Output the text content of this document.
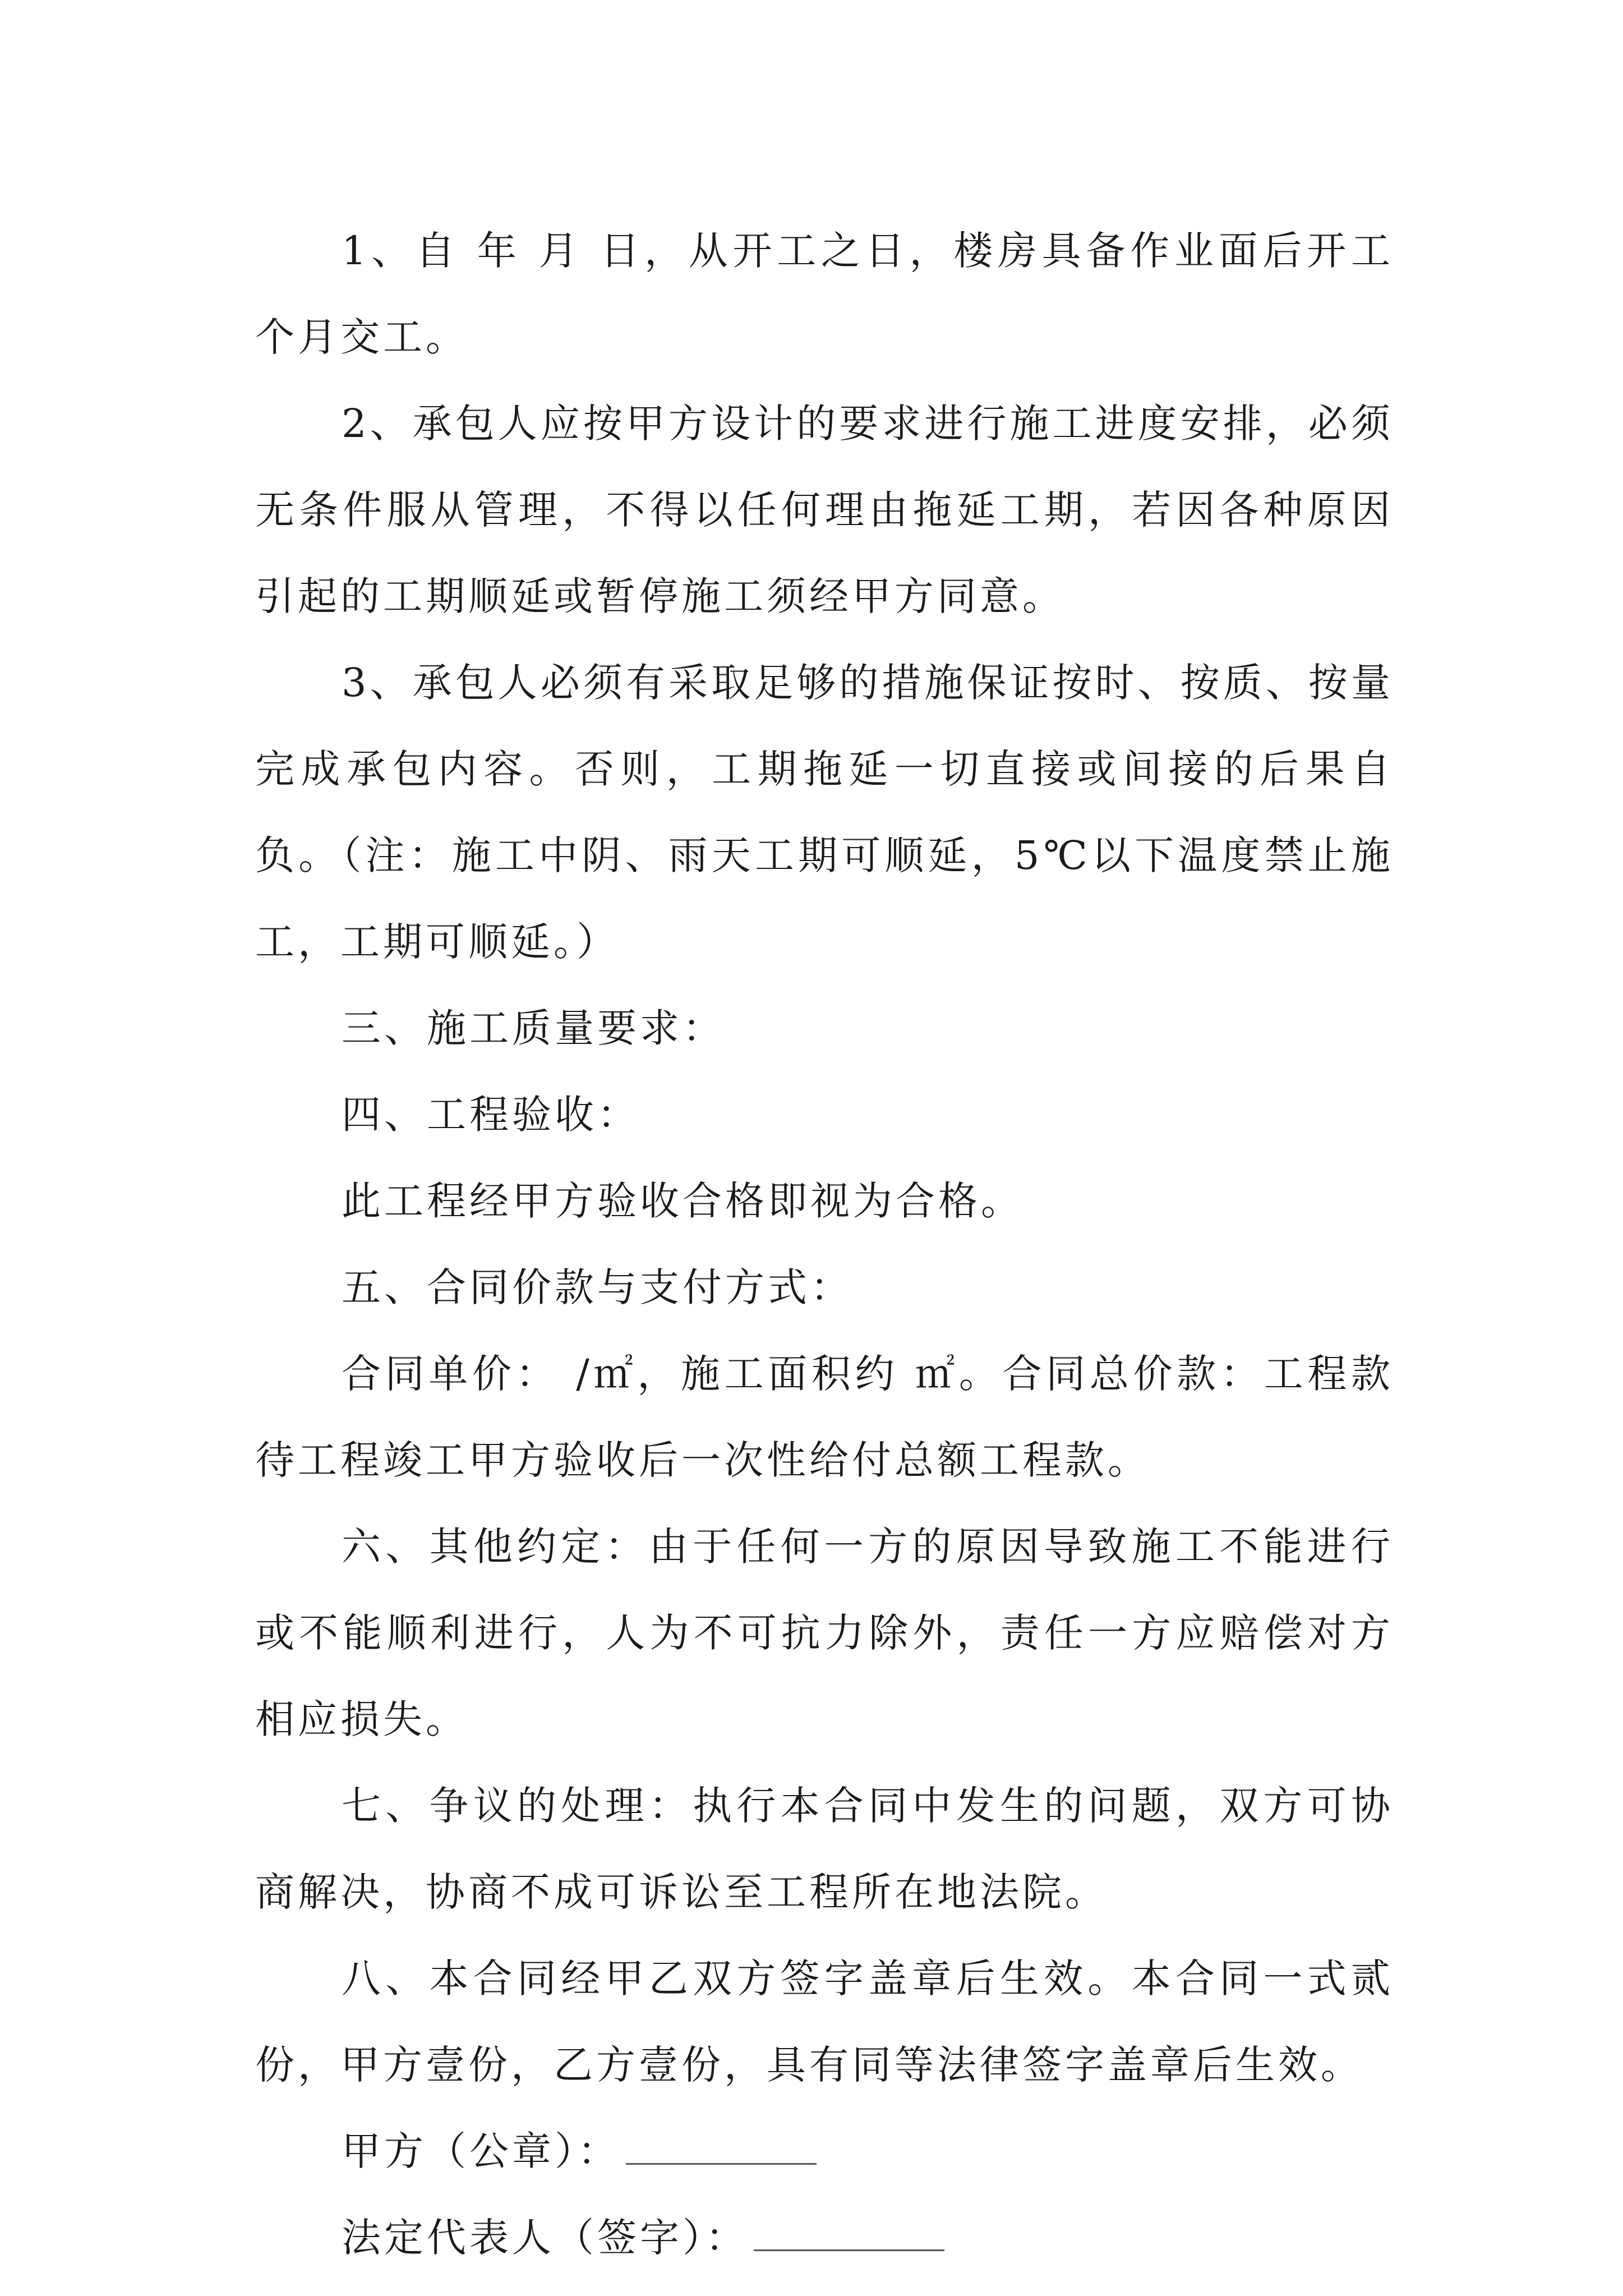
1、自 年 月 日，从开工之日，楼房具备作业面后开工个月交工。

2、承包人应按甲方设计的要求进行施工进度安排，必须无条件服从管理，不得以任何理由拖延工期，若因各种原因引起的工期顺延或暂停施工须经甲方同意。

3、承包人必须有采取足够的措施保证按时、按质、按量完成承包内容。否则，工期拖延一切直接或间接的后果自负。（注：施工中阴、雨天工期可顺延，5℃以下温度禁止施工，工期可顺延。）

三、施工质量要求：

四、工程验收：

此工程经甲方验收合格即视为合格。

五、合同价款与支付方式：

合同单价： /㎡，施工面积约 ㎡。合同总价款：工程款待工程竣工甲方验收后一次性给付总额工程款。

六、其他约定：由于任何一方的原因导致施工不能进行或不能顺利进行，人为不可抗力除外，责任一方应赔偿对方相应损失。

七、争议的处理：执行本合同中发生的问题，双方可协商解决，协商不成可诉讼至工程所在地法院。

八、本合同经甲乙双方签字盖章后生效。本合同一式贰份，甲方壹份，乙方壹份，具有同等法律签字盖章后生效。

甲方（公章）：

法定代表人（签字）：
